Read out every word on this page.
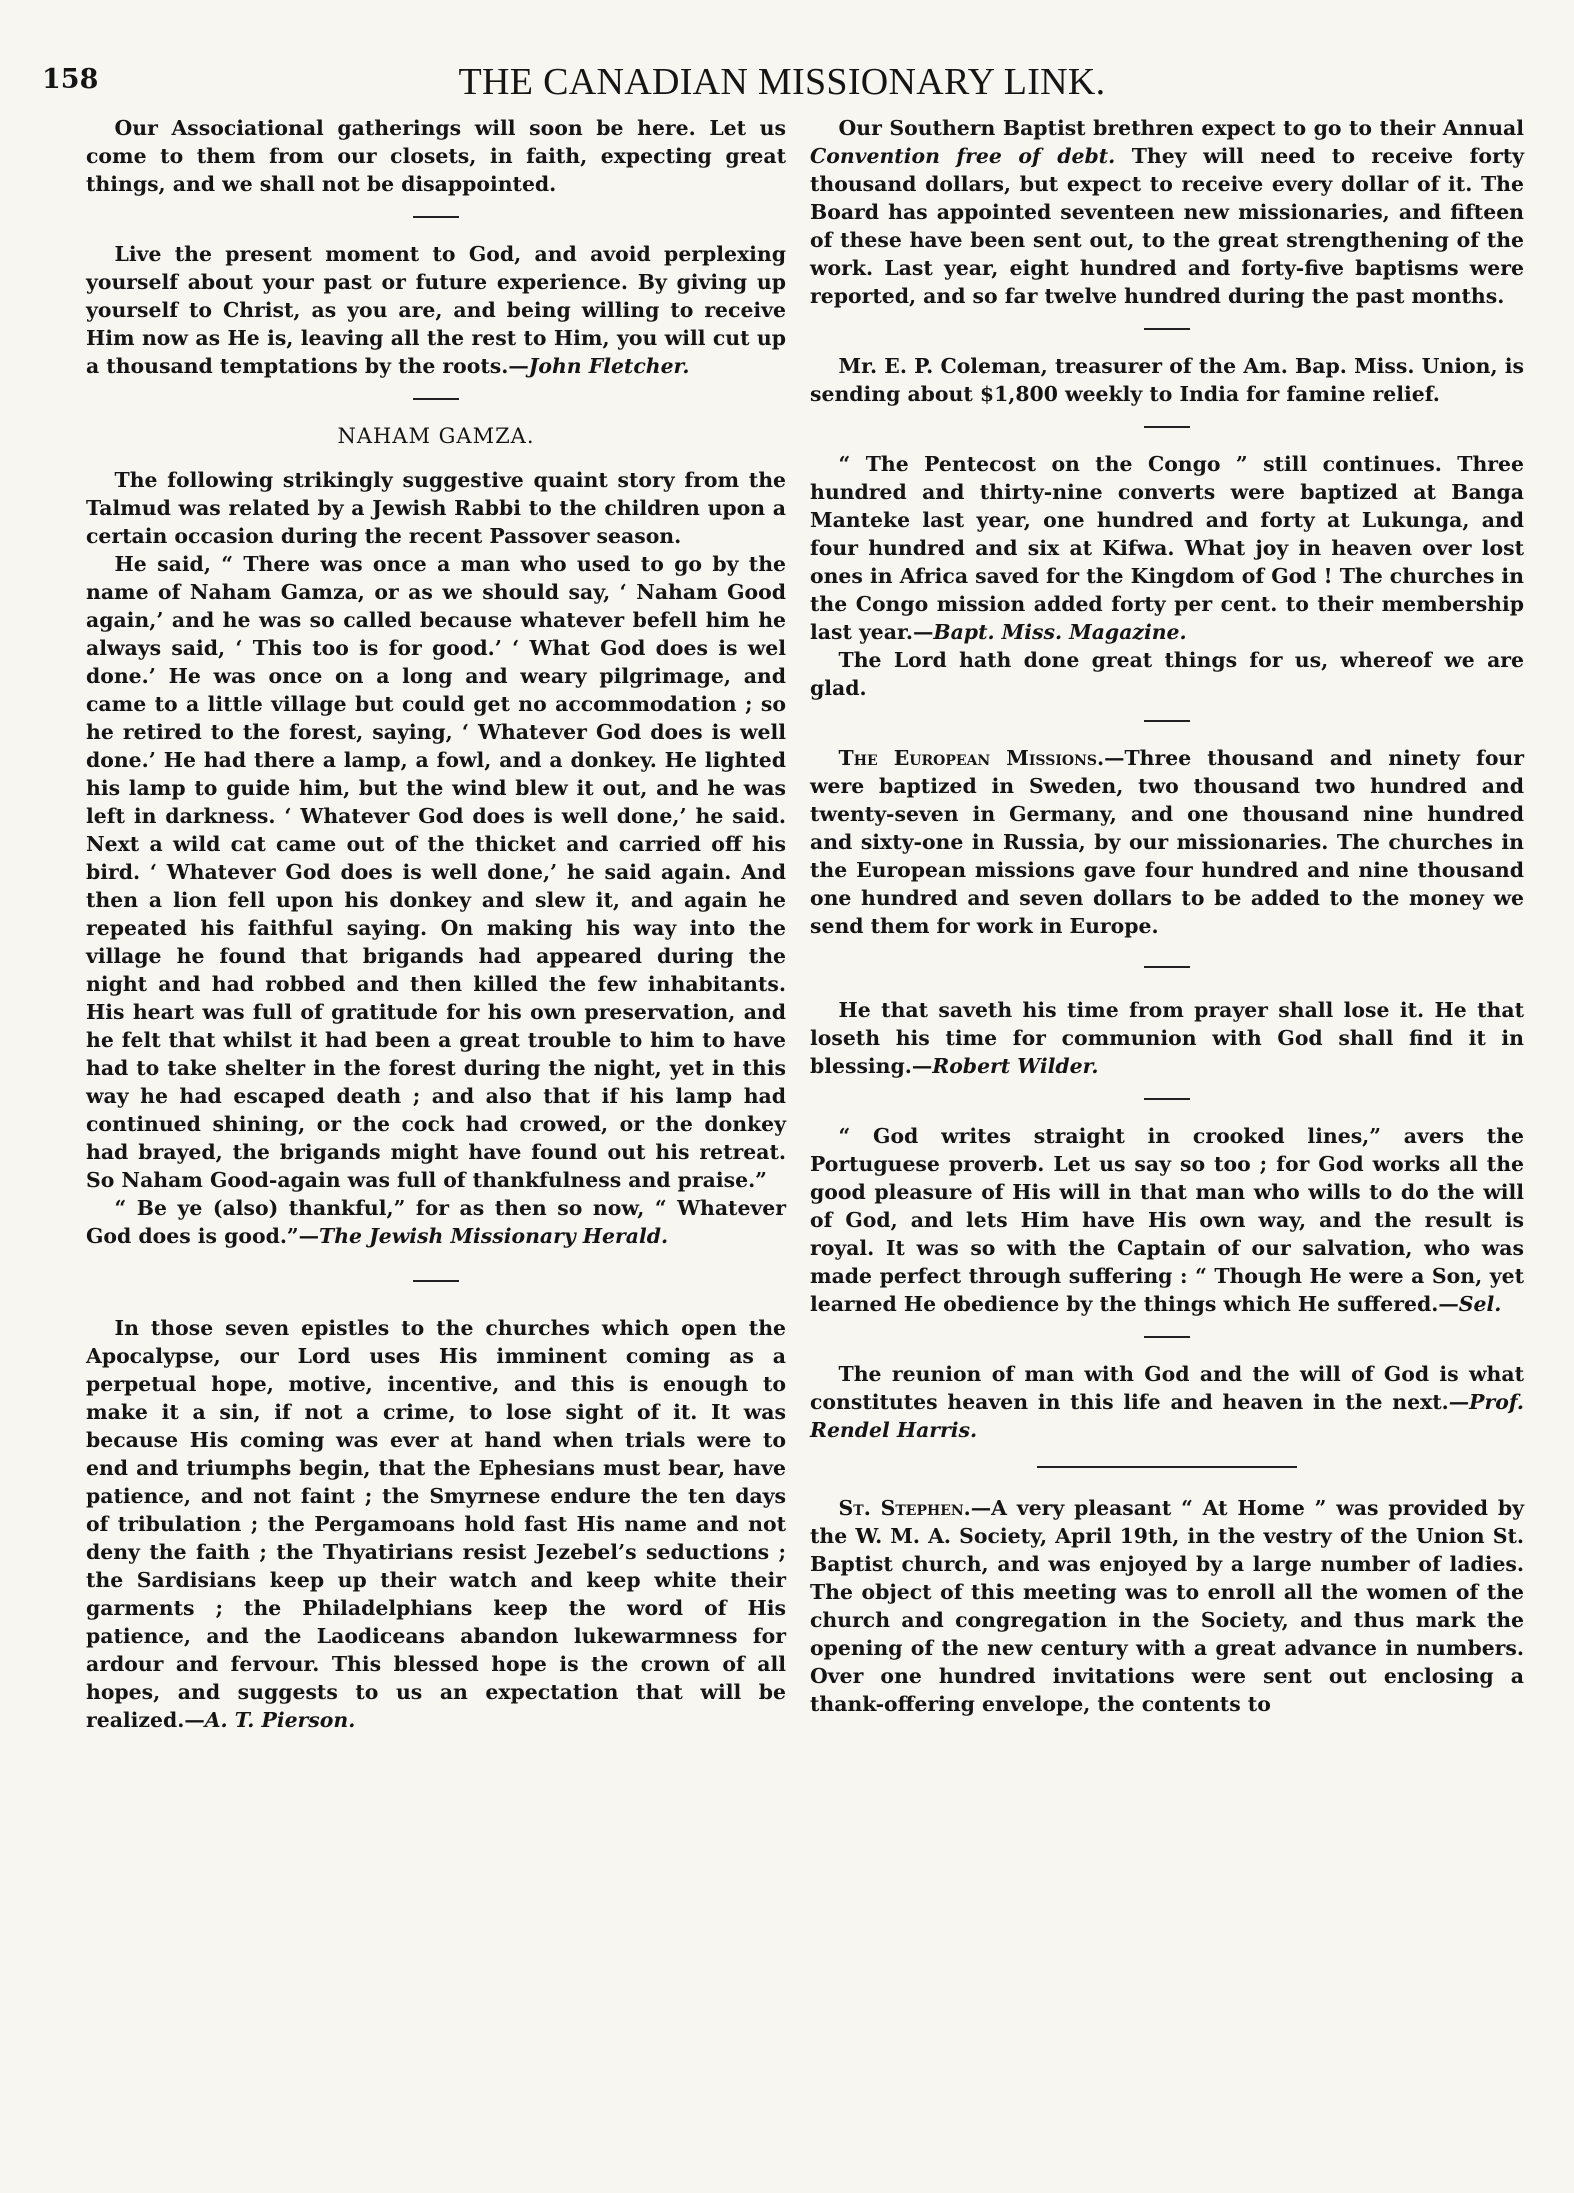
158	THE CANADIAN MISSIONARY LINK.

Our Associational gatherings will soon be here. Let us come to them from our closets, in faith, expecting great things, and we shall not be disappointed.

Live the present moment to God, and avoid perplexing yourself about your past or future experience. By giving up yourself to Christ, as you are, and being willing to receive Him now as He is, leaving all the rest to Him, you will cut up a thousand temptations by the roots.—John Fletcher.

NAHAM GAMZA.

The following strikingly suggestive quaint story from the Talmud was related by a Jewish Rabbi to the children upon a certain occasion during the recent Passover season.

He said, “ There was once a man who used to go by the name of Naham Gamza, or as we should say, ‘ Naham Good again,’ and he was so called because whatever befell him he always said, ‘ This too is for good.’ ‘ What God does is wel done.’ He was once on a long and weary pilgrimage, and came to a little village but could get no accommodation ; so he retired to the forest, saying, ‘ Whatever God does is well done.’ He had there a lamp, a fowl, and a donkey. He lighted his lamp to guide him, but the wind blew it out, and he was left in darkness. ‘ Whatever God does is well done,’ he said. Next a wild cat came out of the thicket and carried off his bird. ‘ Whatever God does is well done,’ he said again. And then a lion fell upon his donkey and slew it, and again he repeated his faithful saying. On making his way into the village he found that brigands had appeared during the night and had robbed and then killed the few inhabitants. His heart was full of gratitude for his own preservation, and he felt that whilst it had been a great trouble to him to have had to take shelter in the forest during the night, yet in this way he had escaped death ; and also that if his lamp had continued shining, or the cock had crowed, or the donkey had brayed, the brigands might have found out his retreat. So Naham Good-again was full of thankfulness and praise.”

“ Be ye (also) thankful,” for as then so now, “ Whatever God does is good.”—The Jewish Missionary Herald.

In those seven epistles to the churches which open the Apocalypse, our Lord uses His imminent coming as a perpetual hope, motive, incentive, and this is enough to make it a sin, if not a crime, to lose sight of it. It was because His coming was ever at hand when trials were to end and triumphs begin, that the Ephesians must bear, have patience, and not faint ; the Smyrnese endure the ten days of tribulation ; the Pergamoans hold fast His name and not deny the faith ; the Thyatirians resist Jezebel’s seductions ; the Sardisians keep up their watch and keep white their garments ; the Philadelphians keep the word of His patience, and the Laodiceans abandon lukewarmness for ardour and fervour. This blessed hope is the crown of all hopes, and suggests to us an expectation that will be realized.—A. T. Pierson.

Our Southern Baptist brethren expect to go to their Annual Convention free of debt. They will need to receive forty thousand dollars, but expect to receive every dollar of it. The Board has appointed seventeen new missionaries, and fifteen of these have been sent out, to the great strengthening of the work. Last year, eight hundred and forty-five baptisms were reported, and so far twelve hundred during the past months.

Mr. E. P. Coleman, treasurer of the Am. Bap. Miss. Union, is sending about $1,800 weekly to India for famine relief.

“ The Pentecost on the Congo ” still continues. Three hundred and thirty-nine converts were baptized at Banga Manteke last year, one hundred and forty at Lukunga, and four hundred and six at Kifwa. What joy in heaven over lost ones in Africa saved for the Kingdom of God ! The churches in the Congo mission added forty per cent. to their membership last year.—Bapt. Miss. Magazine.

The Lord hath done great things for us, whereof we are glad.

The European Missions.—Three thousand and ninety four were baptized in Sweden, two thousand two hundred and twenty-seven in Germany, and one thousand nine hundred and sixty-one in Russia, by our missionaries. The churches in the European missions gave four hundred and nine thousand one hundred and seven dollars to be added to the money we send them for work in Europe.

He that saveth his time from prayer shall lose it. He that loseth his time for communion with God shall find it in blessing.—Robert Wilder.

“ God writes straight in crooked lines,” avers the Portuguese proverb. Let us say so too ; for God works all the good pleasure of His will in that man who wills to do the will of God, and lets Him have His own way, and the result is royal. It was so with the Captain of our salvation, who was made perfect through suffering : “ Though He were a Son, yet learned He obedience by the things which He suffered.—Sel.

The reunion of man with God and the will of God is what constitutes heaven in this life and heaven in the next.—Prof. Rendel Harris.

St. Stephen.—A very pleasant “ At Home ” was provided by the W. M. A. Society, April 19th, in the vestry of the Union St. Baptist church, and was enjoyed by a large number of ladies. The object of this meeting was to enroll all the women of the church and congregation in the Society, and thus mark the opening of the new century with a great advance in numbers. Over one hundred invitations were sent out enclosing a thank-offering envelope, the contents to
